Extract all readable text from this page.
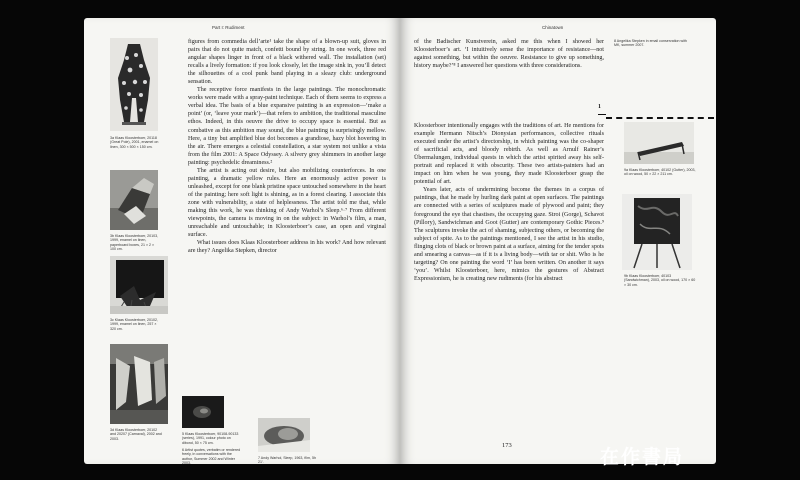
Part I: Rudiment
3a Klaas Kloosterboer, 20118 (Great Pole), 2001, enamel on linen, 300 × 500 × 150 cm.
3b Klaas Kloosterboer, 20103, 1999, enamel on linen, paperboard boxes, 21 × 2 × 100 cm.
3c Klaas Kloosterboer, 20102, 1999, enamel on linen, 257 × 320 cm.
3d Klaas Kloosterboer, 20102 and 20207 (Carnaval), 2002 and 2003.
5 Klaas Kloosterboer, 90108-90133 (series), 1991, colour photo on dibond, 50 × 75 cm.
6 Artist quotes, verbatim or rendered freely, in conversations with the author, Summer 2002 and Winter 2003.
7 Andy Warhol, Sleep, 1963, film, 5h 21′.

figures from commedia dell’arte¹ take the shape of a blown-up suit, gloves in pairs that do not quite match, confetti bound by string. In one work, three red angular shapes linger in front of a black withered wall. The installation (set) recalls a lively formation: if you look closely, let the image sink in, you’ll detect the silhouettes of a cool punk band playing in a sleazy club: underground sensation.

The receptive force manifests in the large paintings. The monochromatic works were made with a spray-paint technique. Each of them seems to express a verbal idea. The basis of a blue expansive painting is an expression—‘make a point’ (or, ‘leave your mark’)—that refers to ambition, the traditional masculine ethos. Indeed, in this oeuvre the drive to occupy space is essential. But as combative as this ambition may sound, the blue painting is surprisingly mellow. Here, a tiny but amplified blue dot becomes a grandiose, hazy blot hovering in the air. There emerges a celestial constellation, a star system not unlike a vista from the film 2001: A Space Odyssey. A silvery grey shimmers in another large painting: psychedelic dreaminess.²

The artist is acting out desire, but also mobilizing counterforces. In one painting, a dramatic yellow rules. Here an enormously active power is unleashed, except for one blank pristine space untouched somewhere in the heart of the painting; here soft light is shining, as in a forest clearing. I associate this zone with vulnerability, a state of helplessness. The artist told me that, while making this work, he was thinking of Andy Warhol’s Sleep.⁶·⁷ From different viewpoints, the camera is moving in on the subject: in Warhol’s film, a man, unreachable and untouchable; in Kloosterboer’s case, an open and virginal surface.

What issues does Klaas Kloosterboer address in his work? And how relevant are they? Angelika Stepken, director

Chinatown

of the Badischer Kunstverein, asked me this when I showed her Kloosterboer’s art. ‘I intuitively sense the importance of resistance—not against something, but within the oeuvre. Resistance to give up something, history maybe?’⁸ I answered her questions with three considerations.

8 Angelika Stepken in email conservation with MK, summer 2007.
1

Kloosterboer intentionally engages with the traditions of art. He mentions for example Hermann Nitsch’s Dionysian performances, collective rituals executed under the artist’s directorship, in which painting was the co-shaper of sacrificial acts, and bloody rebirth. As well as Arnulf Rainer’s Übermalungen, individual quests in which the artist spirited away his self-portrait and replaced it with obscurity. These two artists-painters had an impact on him when he was young, they made Kloosterboer grasp the potential of art.

Years later, acts of undermining become the themes in a corpus of paintings, that he made by hurling dark paint at open surfaces. The paintings are connected with a series of sculptures made of plywood and paint; they foreground the eye that chastises, the occupying gaze. Stroi (Gorge), Schavot (Pillory), Sandwichman and Goot (Gutter) are contemporary Gothic Pieces.⁹ The sculptures invoke the act of shaming, subjecting others, or becoming the subject of spite. As to the paintings mentioned, I see the artist in his studio, flinging clots of black or brown paint at a surface, aiming for the tender spots and smearing a canvas—as if it is a living body—with tar or shit. Who is he targeting? On one painting the word ‘I’ has been written. On another it says ‘you’. Whilst Kloosterboer, here, mimics the gestures of Abstract Expressionism, he is creating new rudiments (for his abstract

9a Klaas Kloosterboer, 40102 (Gutter), 2003, oil on wood, 50 × 22 × 211 cm.
9b Klaas Kloosterboer, 40103 (Sandwichman), 2003, oil on wood, 170 × 60 × 30 cm.
173
在作書局
